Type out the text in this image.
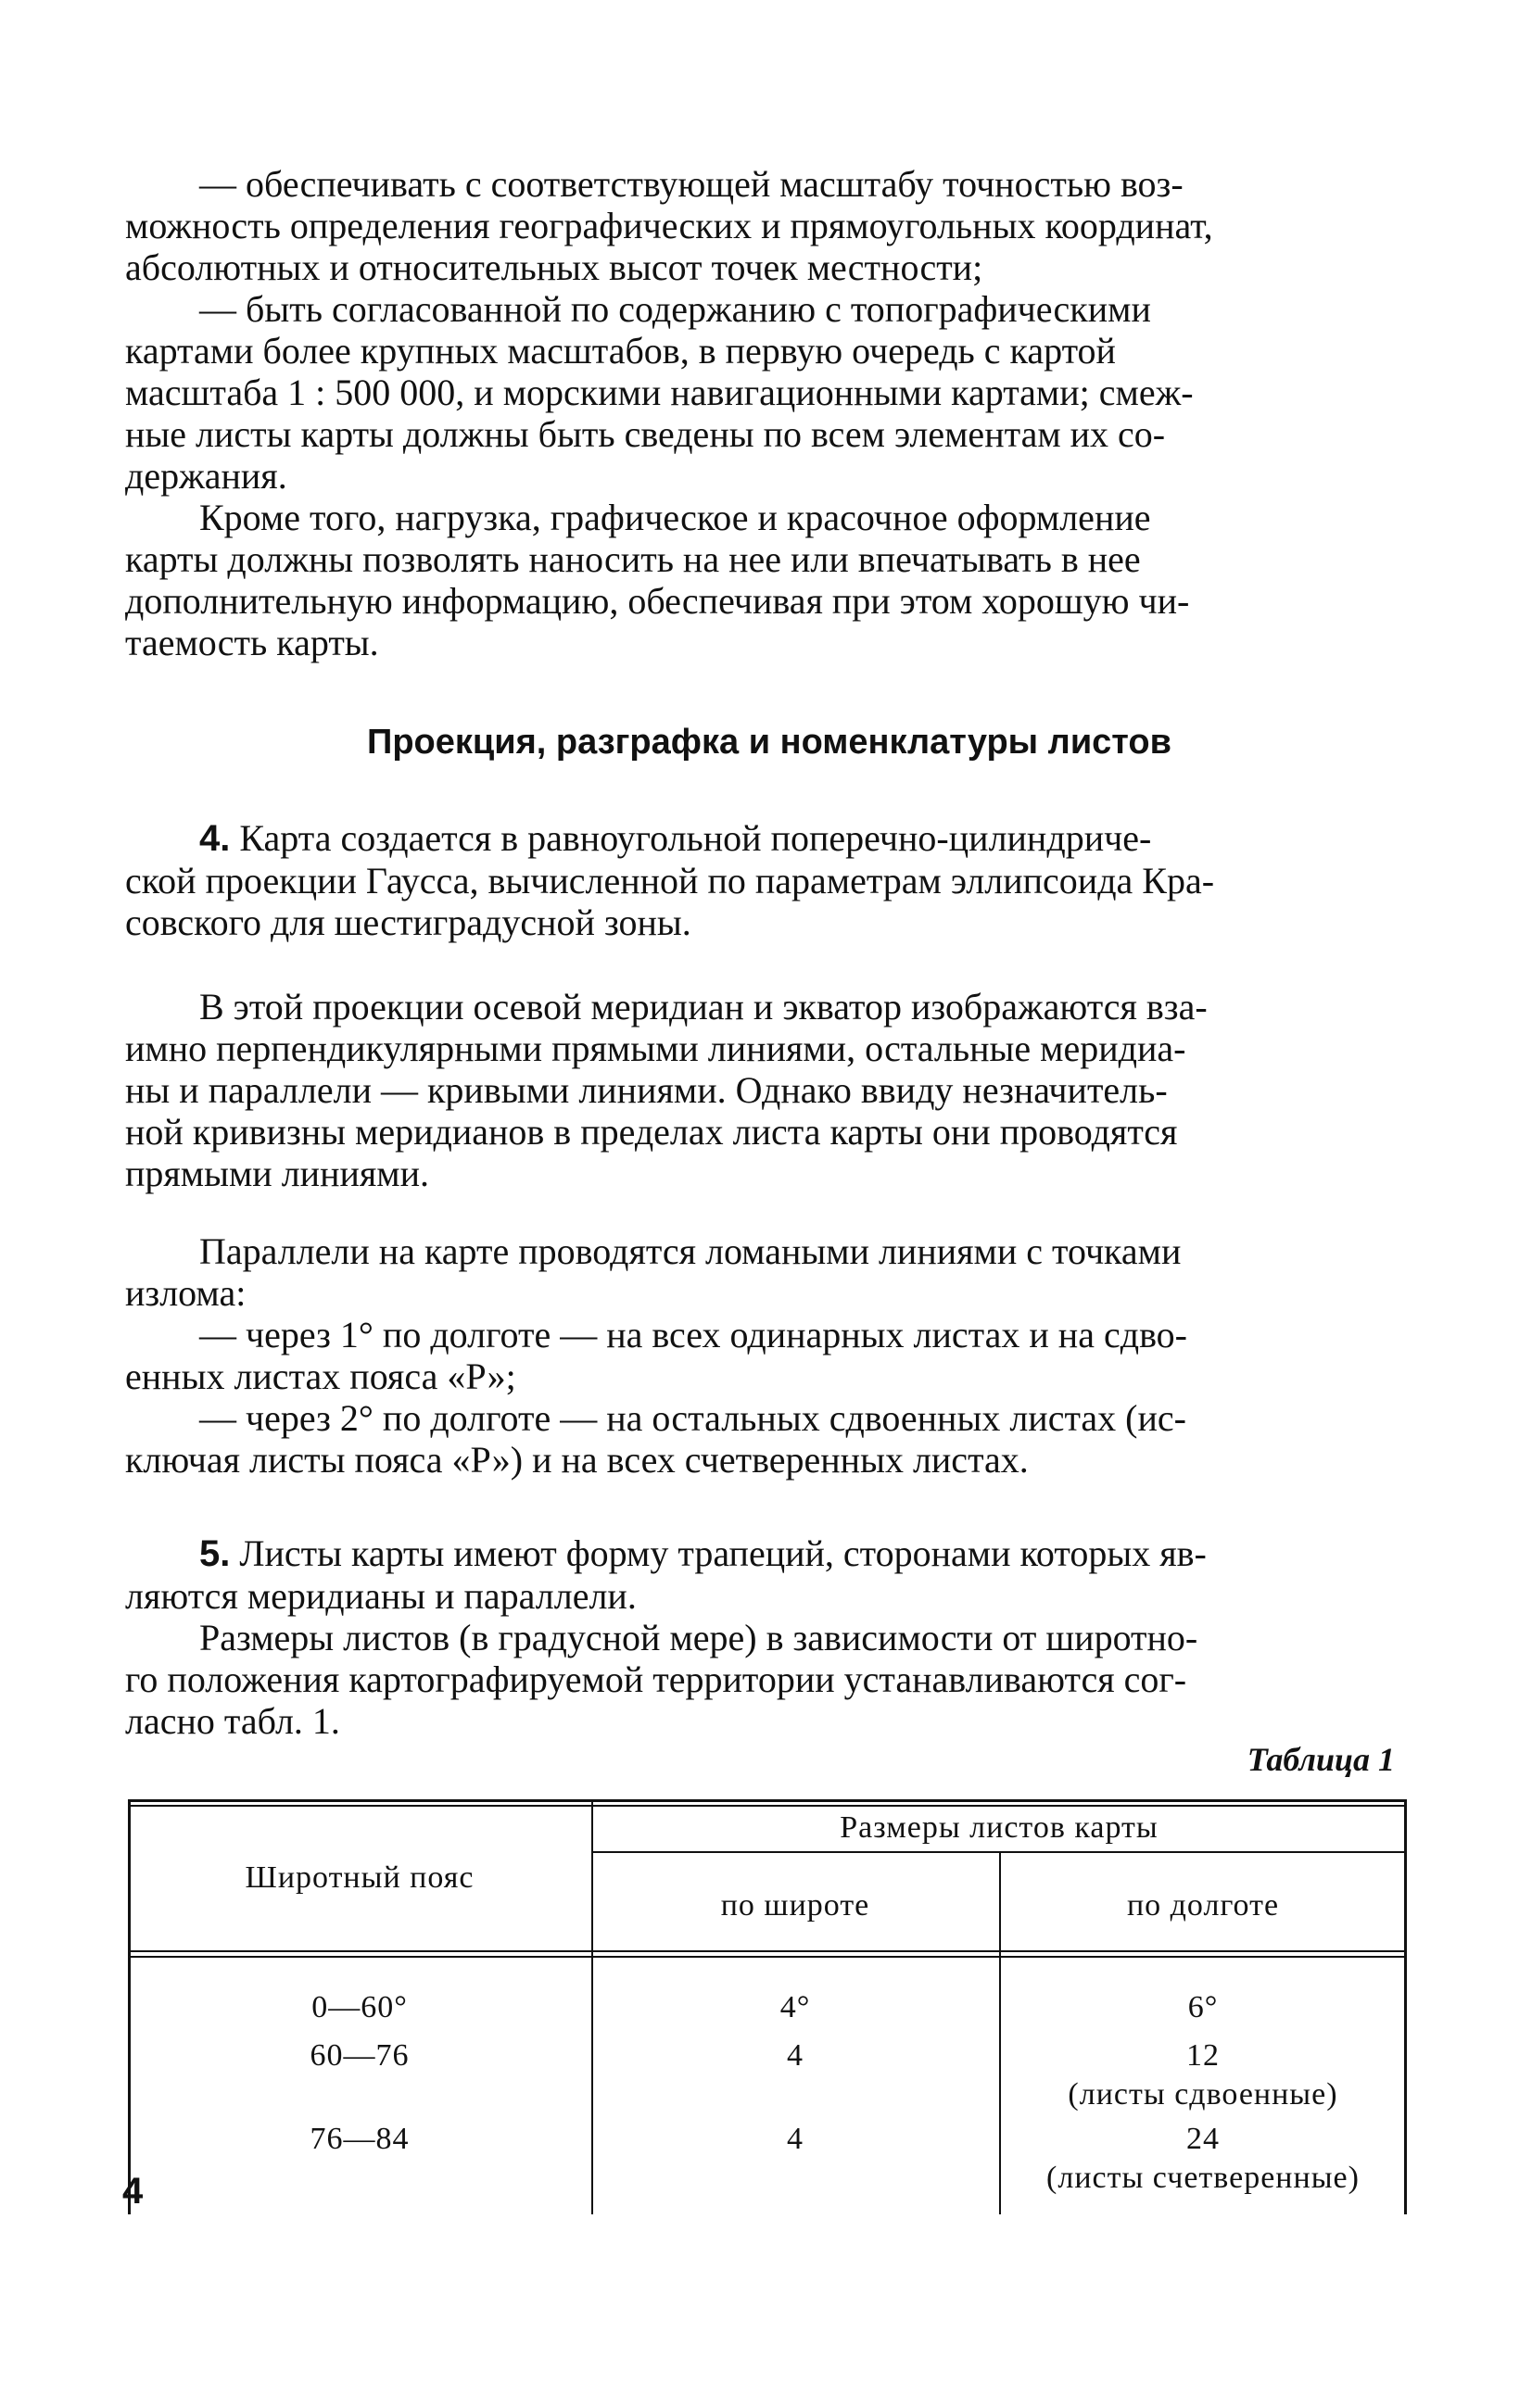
— обеспечивать с соответствующей масштабу точностью воз-
можность определения географических и прямоугольных координат,
абсолютных и относительных высот точек местности;

— быть согласованной по содержанию с топографическими
картами более крупных масштабов, в первую очередь с картой
масштаба 1 : 500 000, и морскими навигационными картами; смеж-
ные листы карты должны быть сведены по всем элементам их со-
держания.

Кроме того, нагрузка, графическое и красочное оформление
карты должны позволять наносить на нее или впечатывать в нее
дополнительную информацию, обеспечивая при этом хорошую чи-
таемость карты.

Проекция, разграфка и номенклатуры листов

4. Карта создается в равноугольной поперечно-цилиндриче-
ской проекции Гаусса, вычисленной по параметрам эллипсоида Кра-
совского для шестиградусной зоны.

В этой проекции осевой меридиан и экватор изображаются вза-
имно перпендикулярными прямыми линиями, остальные меридиа-
ны и параллели — кривыми линиями. Однако ввиду незначитель-
ной кривизны меридианов в пределах листа карты они проводятся
прямыми линиями.

Параллели на карте проводятся ломаными линиями с точками
излома:

— через 1° по долготе — на всех одинарных листах и на сдво-
енных листах пояса «Р»;

— через 2° по долготе — на остальных сдвоенных листах (ис-
ключая листы пояса «Р») и на всех счетверенных листах.

5. Листы карты имеют форму трапеций, сторонами которых яв-
ляются меридианы и параллели.

Размеры листов (в градусной мере) в зависимости от широтно-
го положения картографируемой территории устанавливаются сог-
ласно табл. 1.

Таблица 1
Широтный пояс
Размеры листов карты
по широте	по долготе
0—60°	4°	6°
60—76	4	12
(листы сдвоенные)
76—84	4	24
(листы счетверенные)
4
